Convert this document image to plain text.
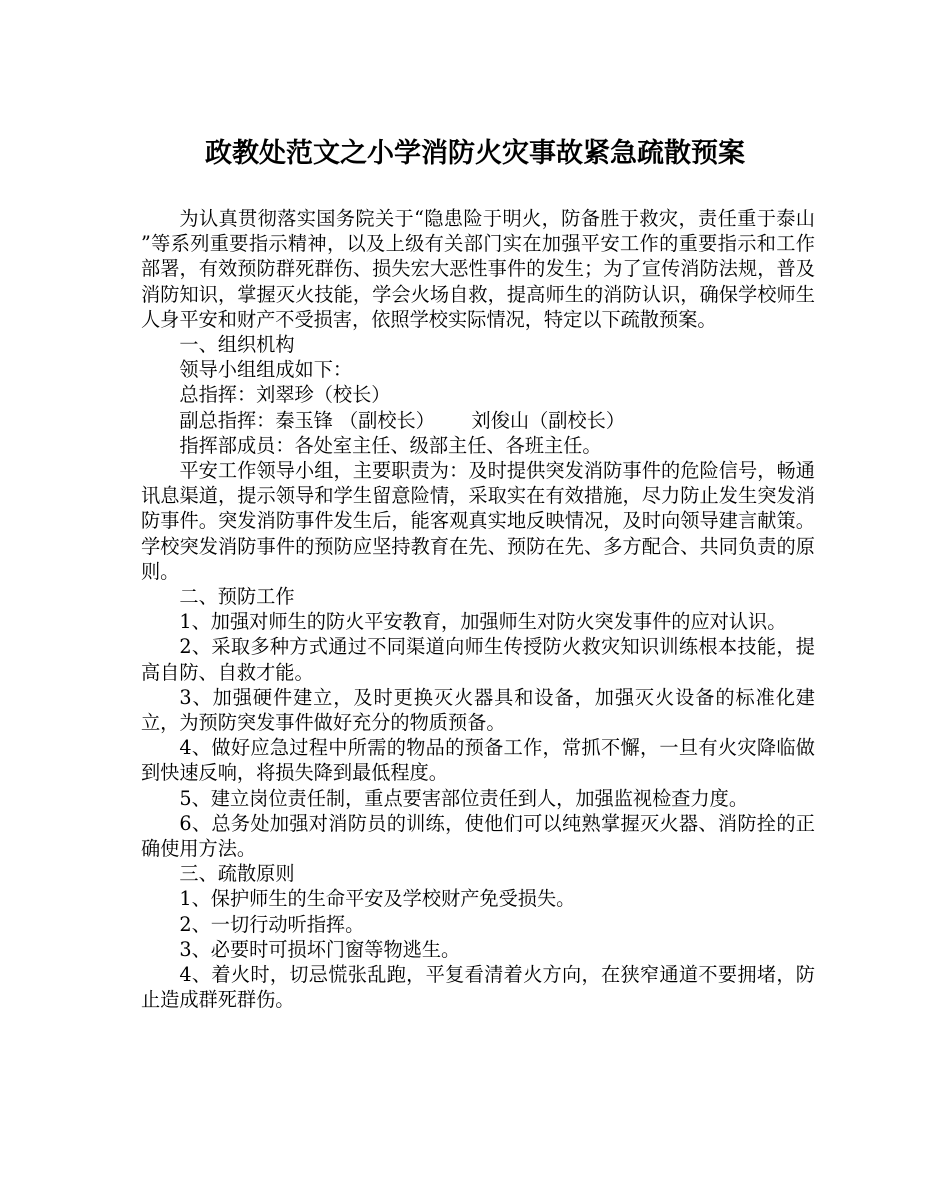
政教处范文之小学消防火灾事故紧急疏散预案

为认真贯彻落实国务院关于“隐患险于明火，防备胜于救灾，责任重于泰山 ”等系列重要指示精神，以及上级有关部门实在加强平安工作的重要指示和工作部署，有效预防群死群伤、损失宏大恶性事件的发生；为了宣传消防法规，普及消防知识，掌握灭火技能，学会火场自救，提高师生的消防认识，确保学校师生人身平安和财产不受损害，依照学校实际情况，特定以下疏散预案。

一、组织机构

领导小组组成如下：

总指挥：刘翠珍（校长）

副总指挥：秦玉锋 （副校长）      刘俊山（副校长）

指挥部成员：各处室主任、级部主任、各班主任。

平安工作领导小组，主要职责为：及时提供突发消防事件的危险信号，畅通讯息渠道，提示领导和学生留意险情，采取实在有效措施，尽力防止发生突发消防事件。突发消防事件发生后，能客观真实地反映情况，及时向领导建言献策。学校突发消防事件的预防应坚持教育在先、预防在先、多方配合、共同负责的原则。

二、预防工作

1、加强对师生的防火平安教育，加强师生对防火突发事件的应对认识。

2、采取多种方式通过不同渠道向师生传授防火救灾知识训练根本技能，提高自防、自救才能。

3、加强硬件建立，及时更换灭火器具和设备，加强灭火设备的标准化建立，为预防突发事件做好充分的物质预备。

4、做好应急过程中所需的物品的预备工作，常抓不懈，一旦有火灾降临做到快速反响，将损失降到最低程度。

5、建立岗位责任制，重点要害部位责任到人，加强监视检查力度。

6、总务处加强对消防员的训练，使他们可以纯熟掌握灭火器、消防拴的正确使用方法。

三、疏散原则

1、保护师生的生命平安及学校财产免受损失。

2、一切行动听指挥。

3、必要时可损坏门窗等物逃生。

4、着火时，切忌慌张乱跑，平复看清着火方向，在狭窄通道不要拥堵，防止造成群死群伤。
